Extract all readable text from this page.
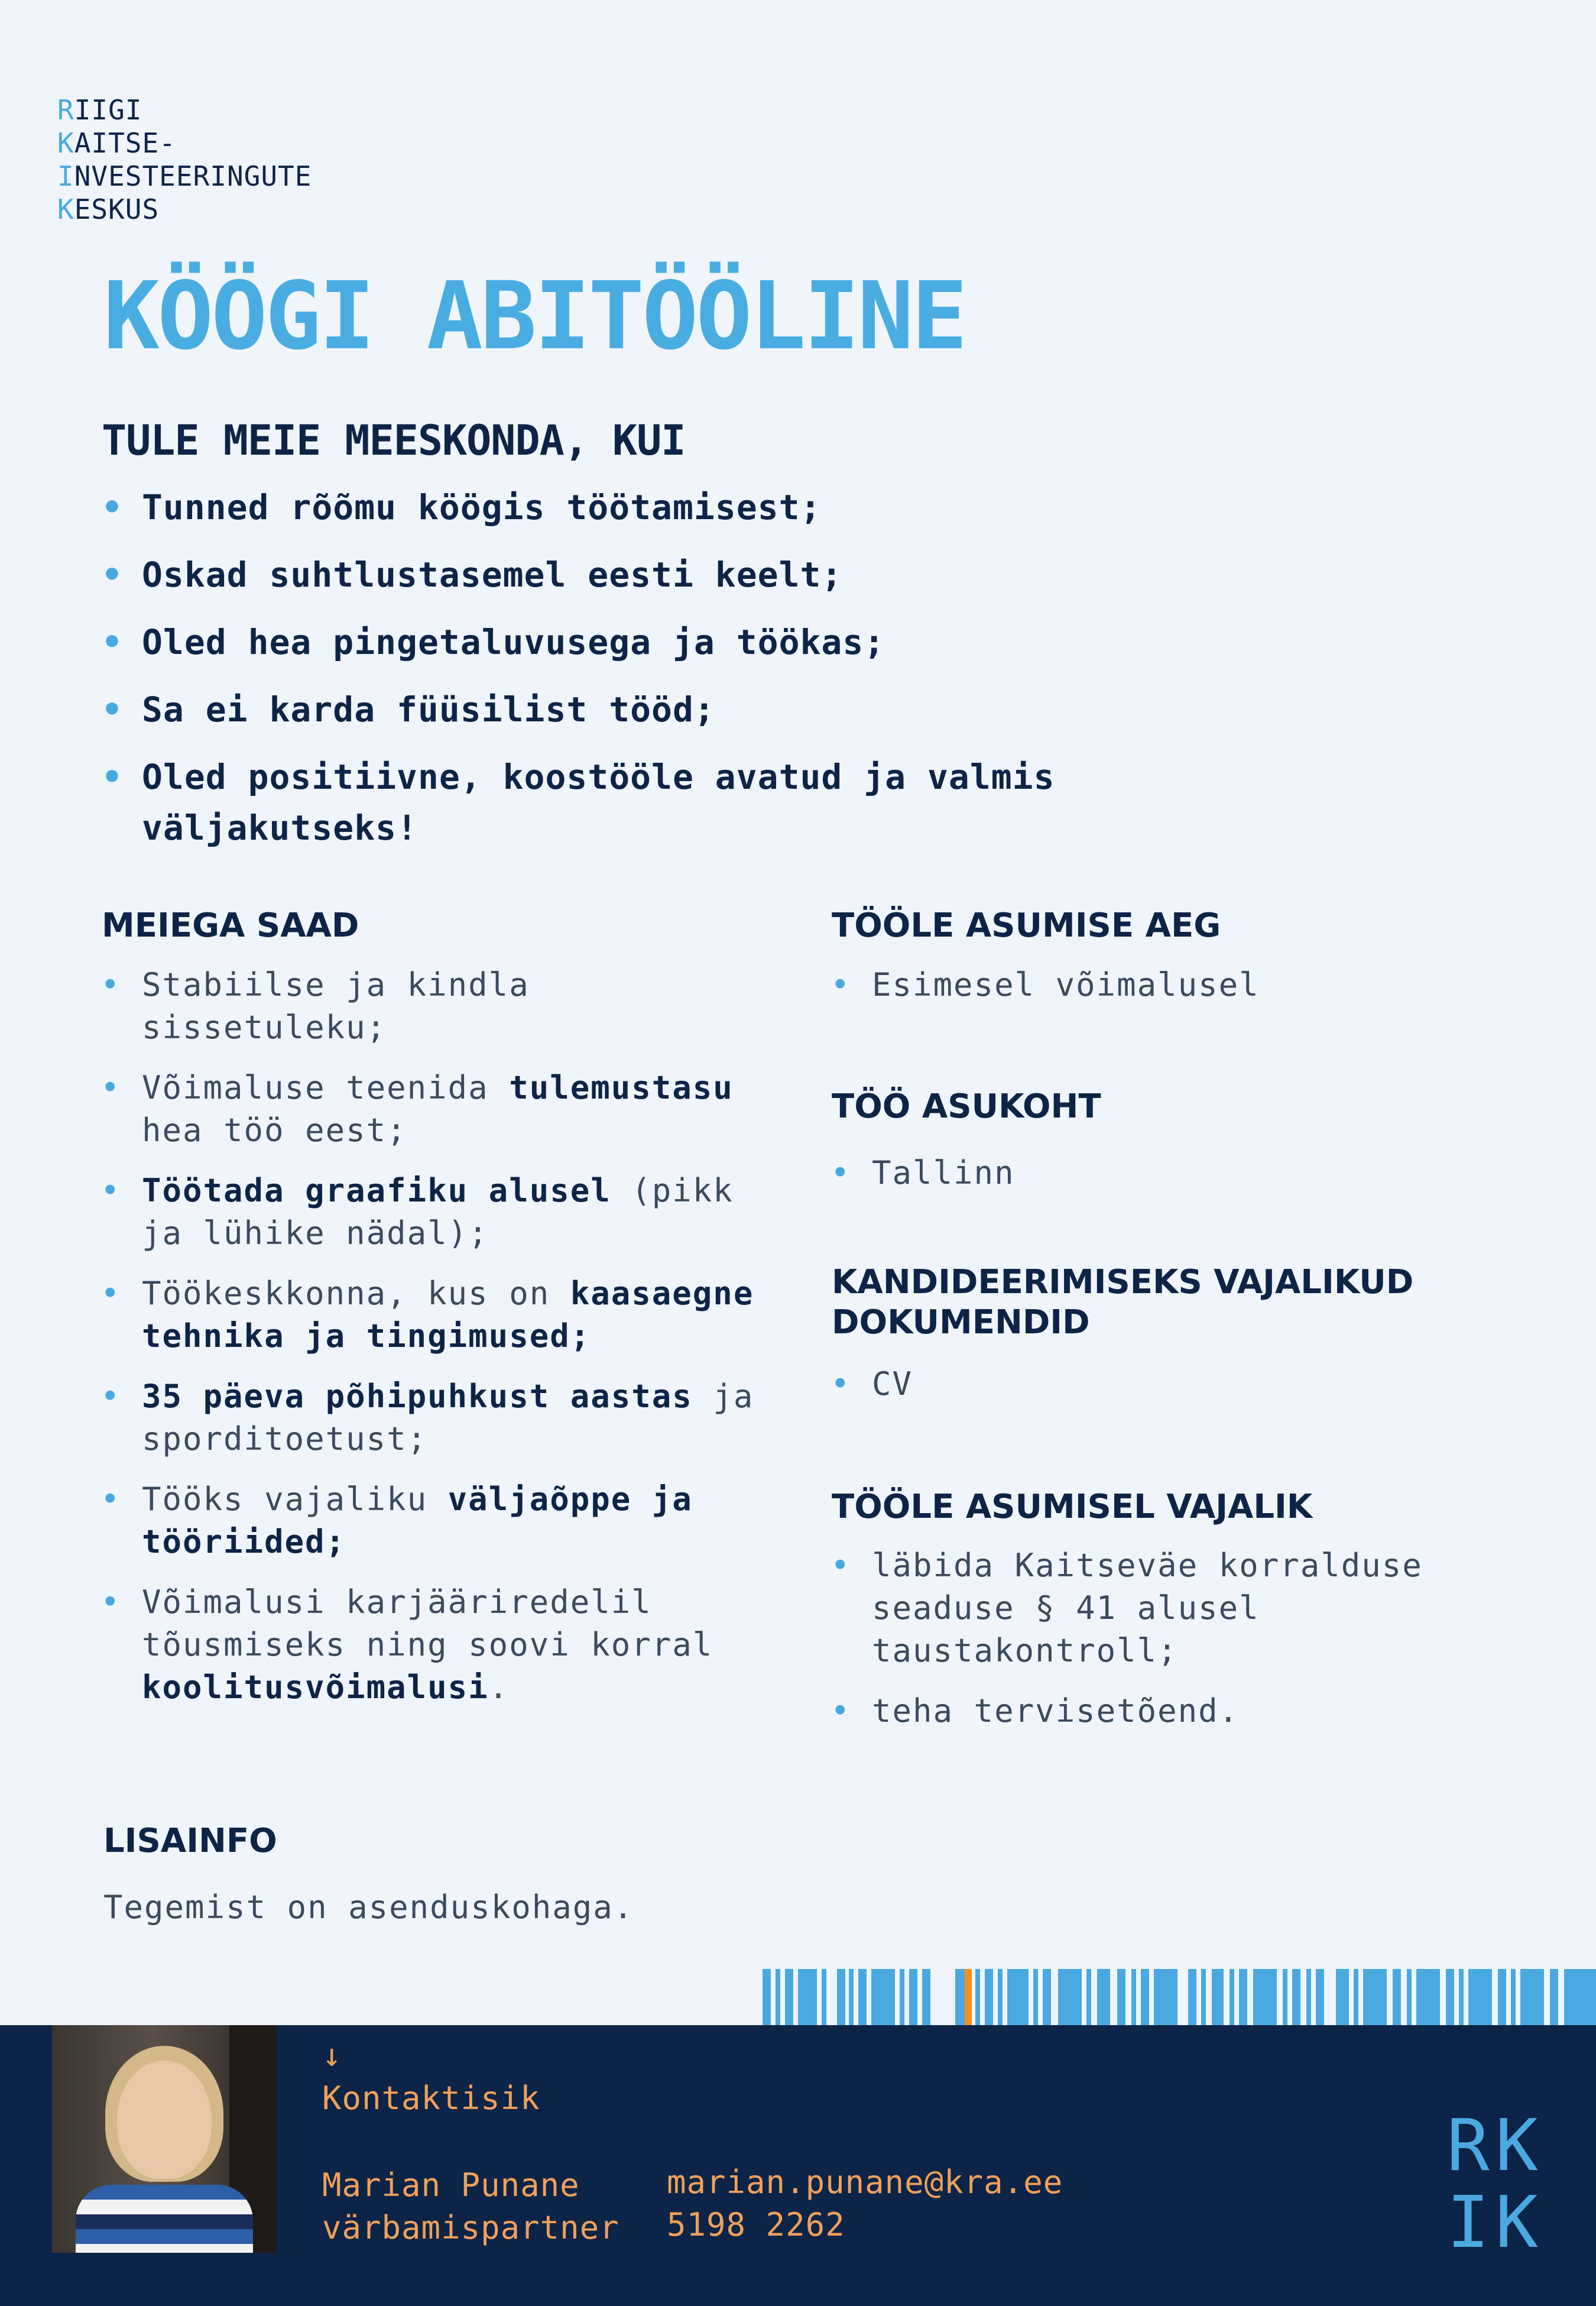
RIIGI
KAITSE-
INVESTEERINGUTE
KESKUS
KÖÖGI ABITÖÖLINE
TULE MEIE MEESKONDA, KUI
• Tunned rõõmu köögis töötamisest;
• Oskad suhtlustasemel eesti keelt;
• Oled hea pingetaluvusega ja töökas;
• Sa ei karda füüsilist tööd;
• Oled positiivne, koostööle avatud ja valmis väljakutseks!
MEIEGA SAAD
• Stabiilse ja kindla sissetuleku;
• Võimaluse teenida tulemustasu hea töö eest;
• Töötada graafiku alusel (pikk ja lühike nädal);
• Töökeskkonna, kus on kaasaegne tehnika ja tingimused;
• 35 päeva põhipuhkust aastas ja sporditoetust;
• Tööks vajaliku väljaõppe ja tööriided;
• Võimalusi karjääriredelil tõusmiseks ning soovi korral koolitusvõimalusi.
TÖÖLE ASUMISE AEG
• Esimesel võimalusel
TÖÖ ASUKOHT
• Tallinn
KANDIDEERIMISEKS VAJALIKUD DOKUMENDID
• CV
TÖÖLE ASUMISEL VAJALIK
• läbida Kaitseväe korralduse seaduse § 41 alusel taustakontroll;
• teha tervisetõend.
LISAINFO

Tegemist on asenduskohaga.

↓
Kontaktisik
Marian Punane
värbamispartner
marian.punane@kra.ee
5198 2262
RK
IK
